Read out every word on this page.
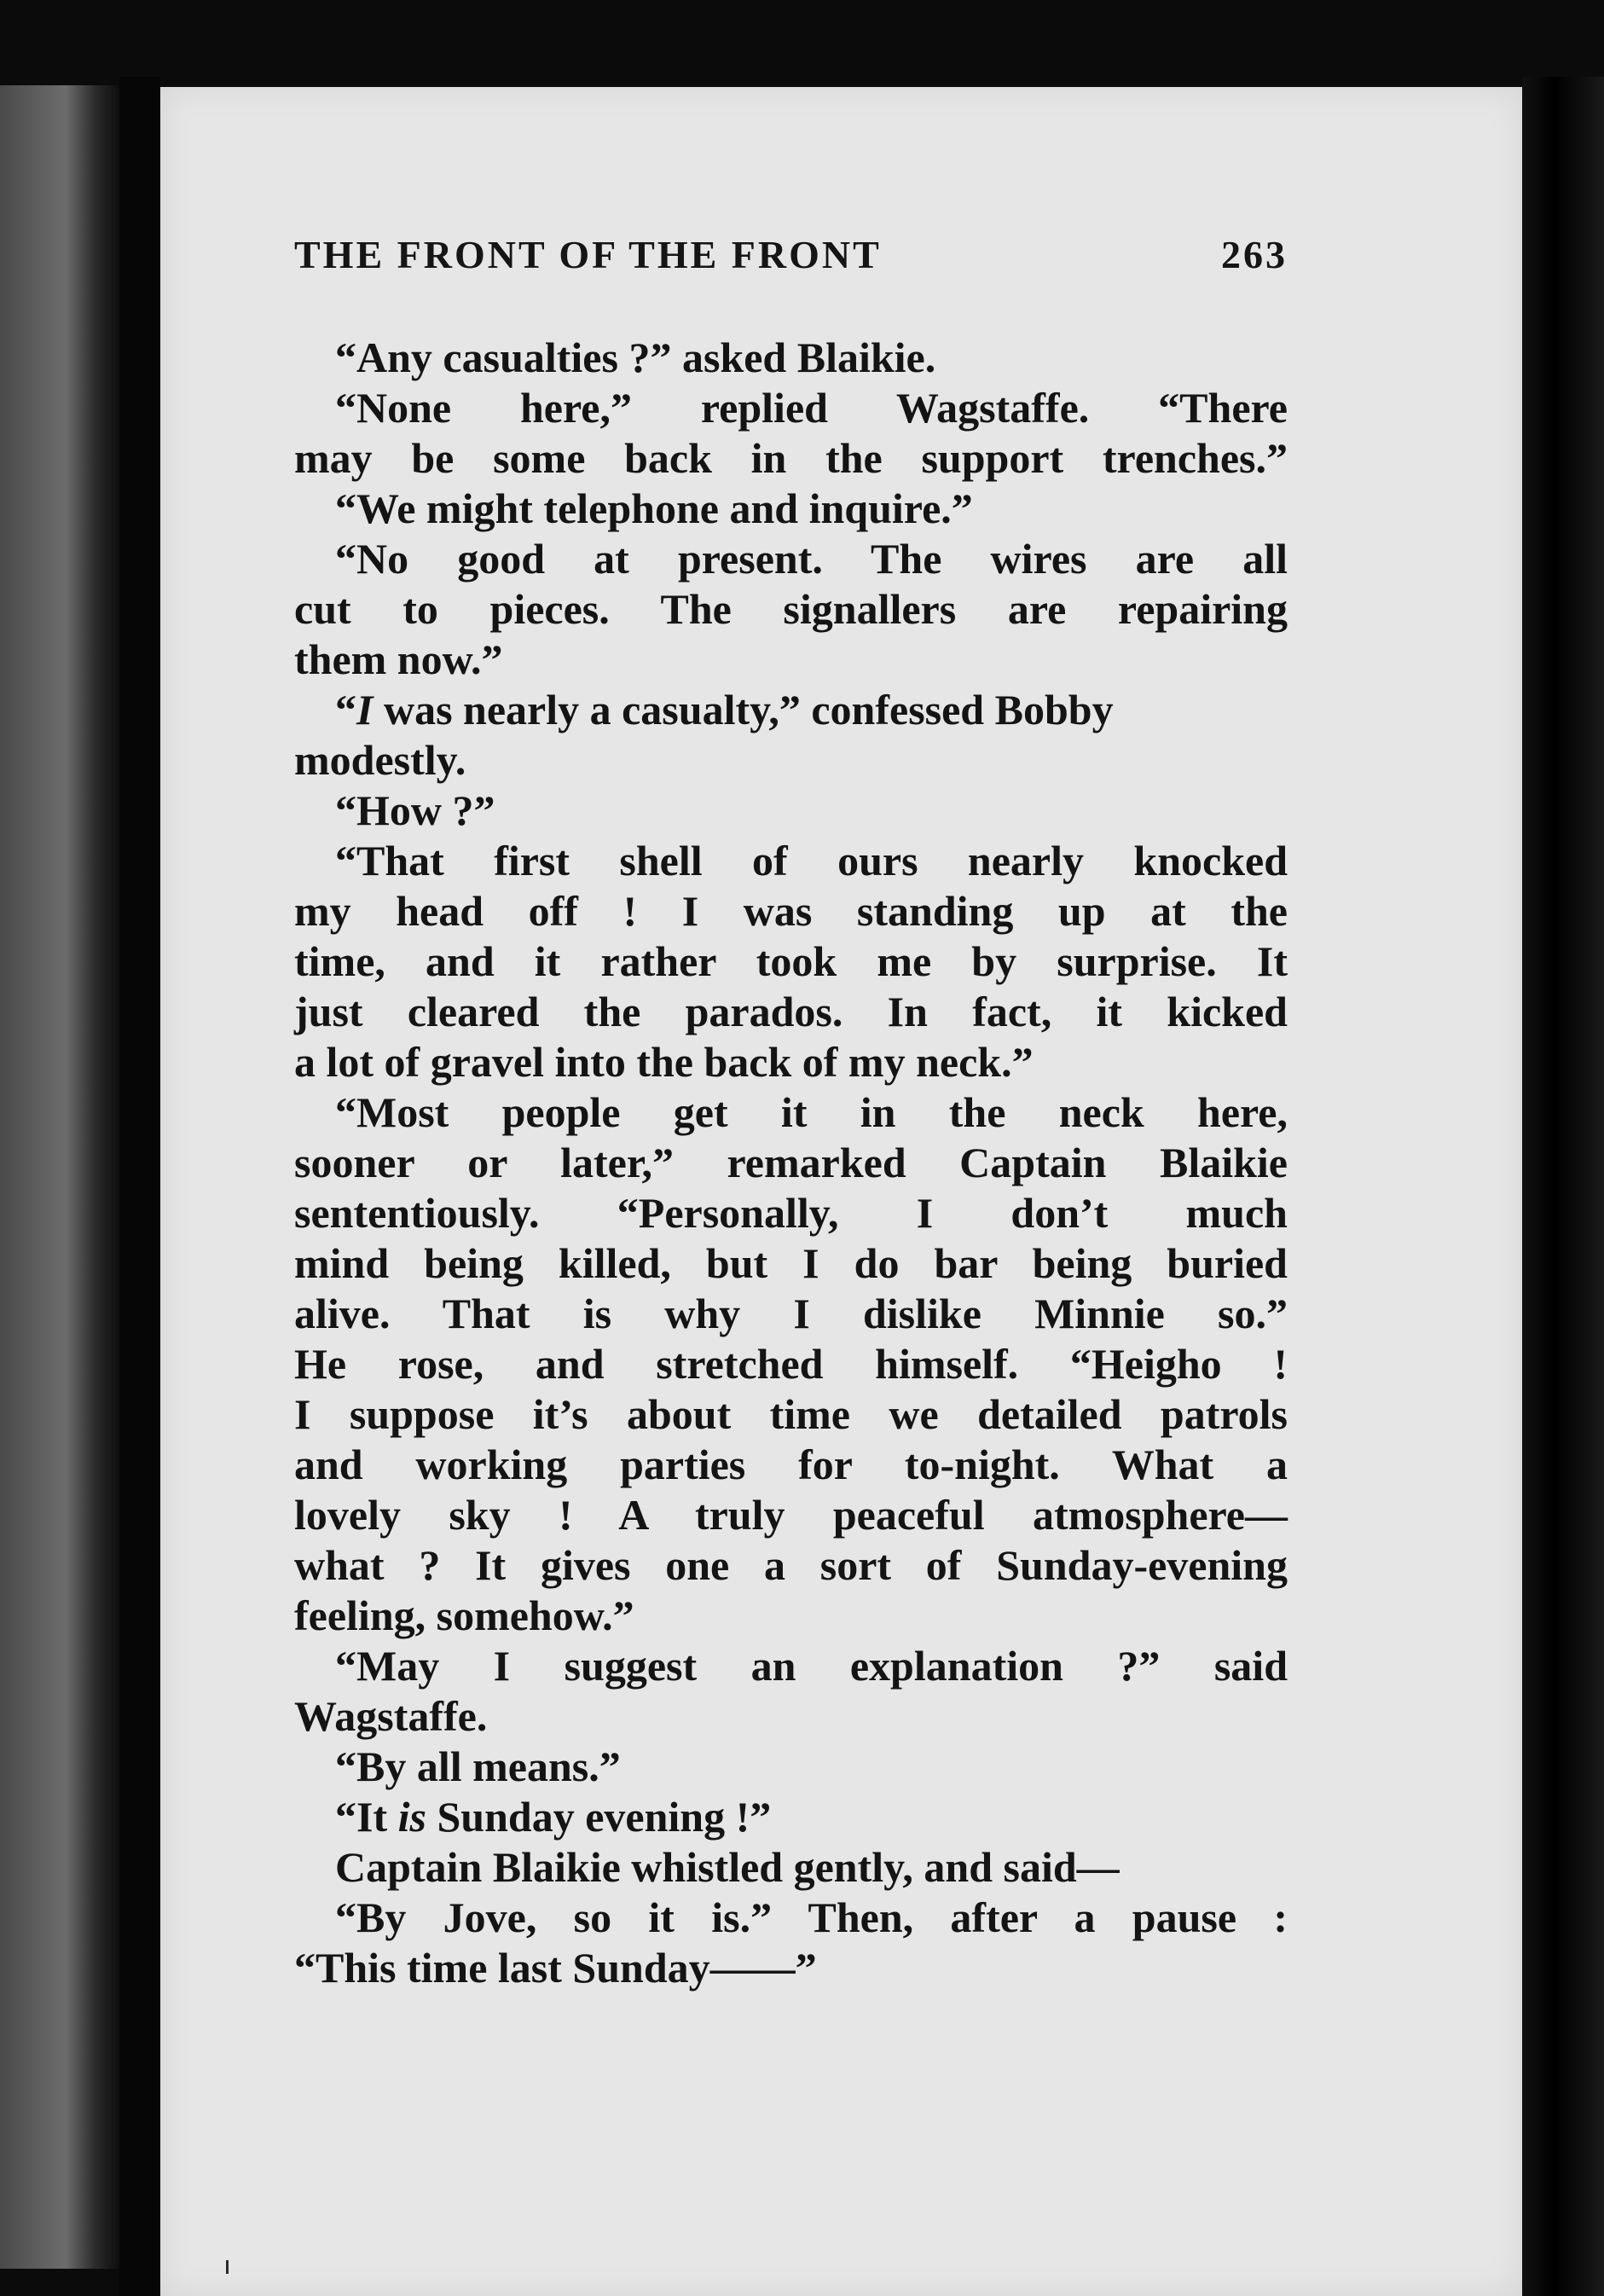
THE FRONT OF THE FRONT	263
“Any casualties ?” asked Blaikie.
“None here,” replied Wagstaffe. “There
may be some back in the support trenches.”
“We might telephone and inquire.”
“No good at present. The wires are all
cut to pieces. The signallers are repairing
them now.”
“I was nearly a casualty,” confessed Bobby
modestly.
“How ?”
“That first shell of ours nearly knocked
my head off ! I was standing up at the
time, and it rather took me by surprise. It
just cleared the parados. In fact, it kicked
a lot of gravel into the back of my neck.”
“Most people get it in the neck here,
sooner or later,” remarked Captain Blaikie
sententiously. “Personally, I don’t much
mind being killed, but I do bar being buried
alive. That is why I dislike Minnie so.”
He rose, and stretched himself. “Heigho !
I suppose it’s about time we detailed patrols
and working parties for to-night. What a
lovely sky ! A truly peaceful atmosphere—
what ? It gives one a sort of Sunday-evening
feeling, somehow.”
“May I suggest an explanation ?” said
Wagstaffe.
“By all means.”
“It is Sunday evening !”
Captain Blaikie whistled gently, and said—
“By Jove, so it is.” Then, after a pause :
“This time last Sunday——”
